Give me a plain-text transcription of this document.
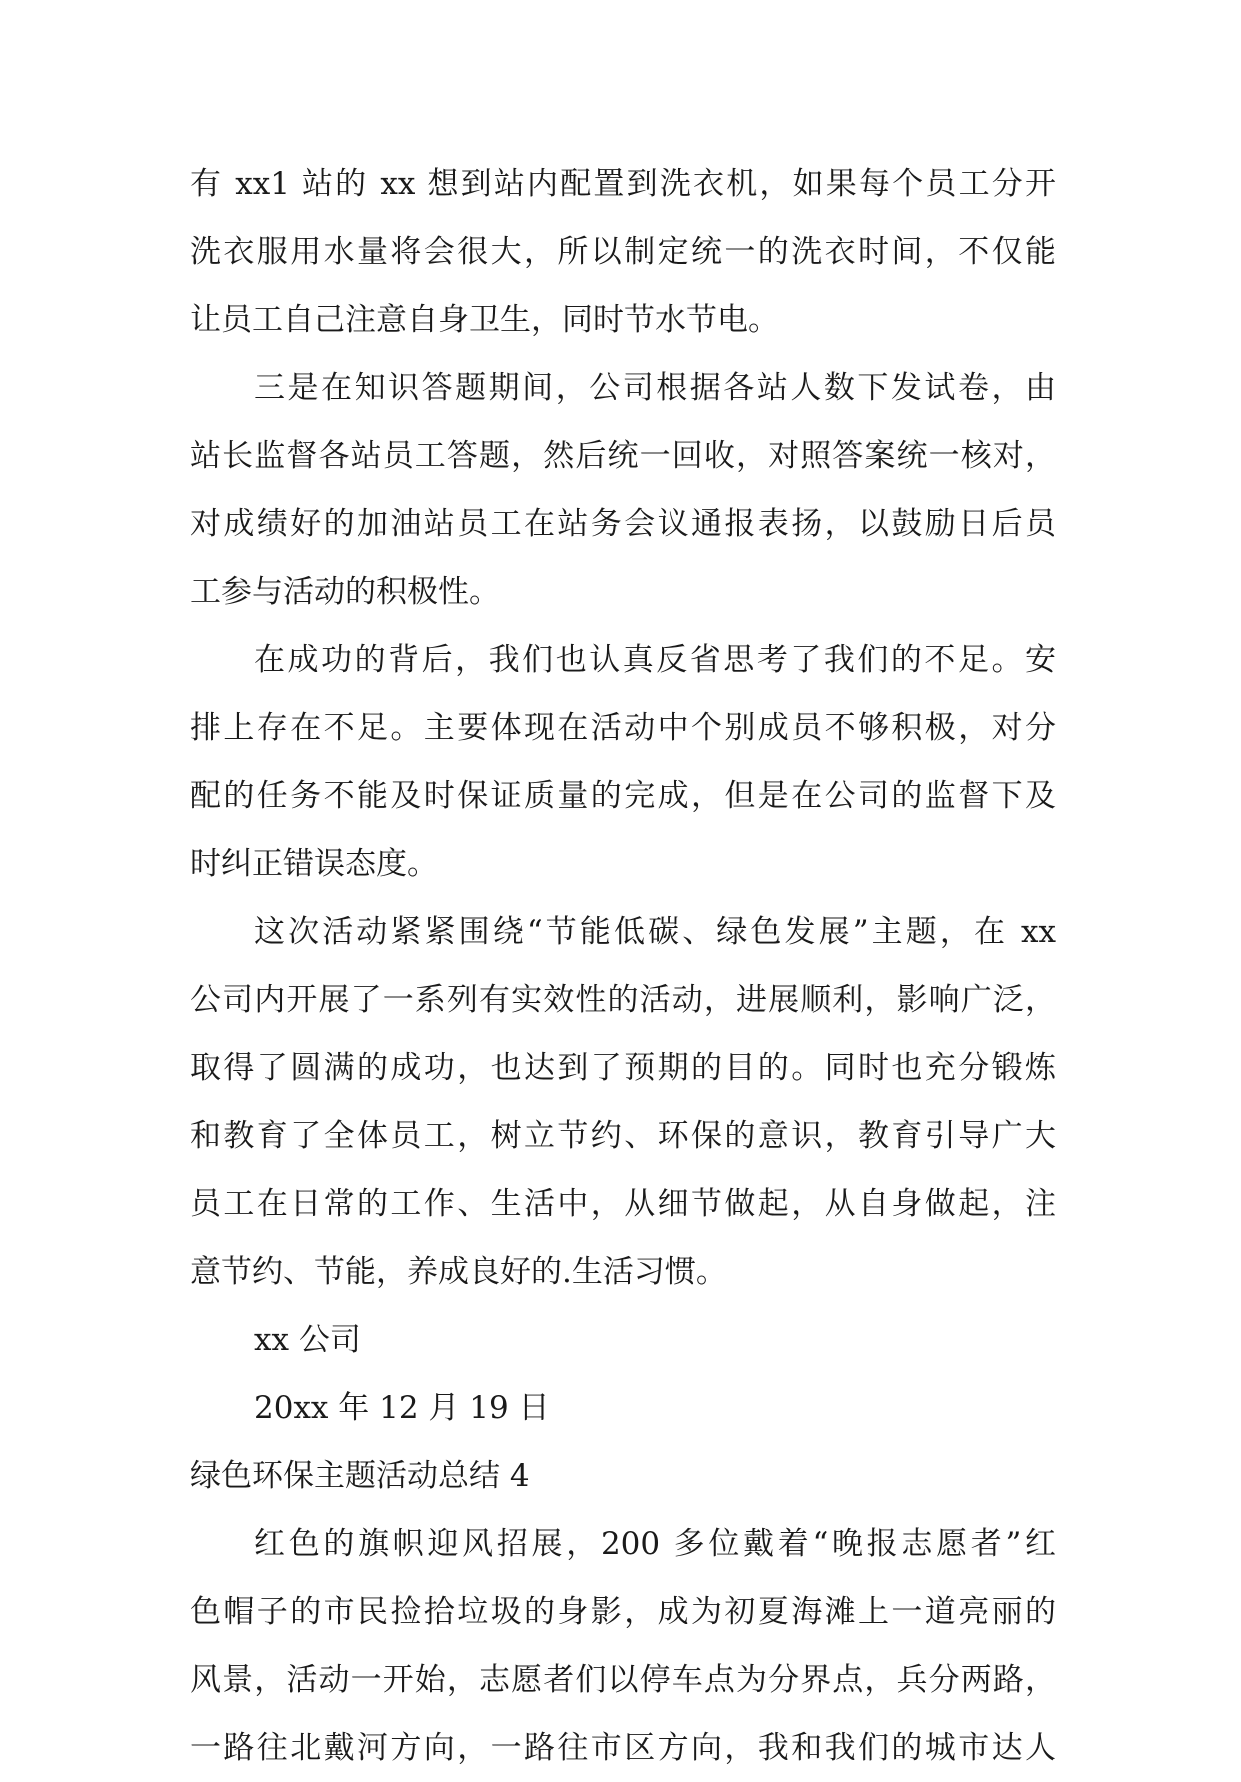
有 xx1 站的 xx 想到站内配置到洗衣机，如果每个员工分开
洗衣服用水量将会很大，所以制定统一的洗衣时间，不仅能
让员工自己注意自身卫生，同时节水节电。
三是在知识答题期间，公司根据各站人数下发试卷，由
站长监督各站员工答题，然后统一回收，对照答案统一核对，
对成绩好的加油站员工在站务会议通报表扬，以鼓励日后员
工参与活动的积极性。
在成功的背后，我们也认真反省思考了我们的不足。安
排上存在不足。主要体现在活动中个别成员不够积极，对分
配的任务不能及时保证质量的完成，但是在公司的监督下及
时纠正错误态度。
这次活动紧紧围绕“节能低碳、绿色发展”主题，在 xx
公司内开展了一系列有实效性的活动，进展顺利，影响广泛，
取得了圆满的成功，也达到了预期的目的。同时也充分锻炼
和教育了全体员工，树立节约、环保的意识，教育引导广大
员工在日常的工作、生活中，从细节做起，从自身做起，注
意节约、节能，养成良好的.生活习惯。
xx 公司
20xx 年 12 月 19 日
绿色环保主题活动总结 4
红色的旗帜迎风招展，200 多位戴着“晚报志愿者”红
色帽子的市民捡拾垃圾的身影，成为初夏海滩上一道亮丽的
风景，活动一开始，志愿者们以停车点为分界点，兵分两路，
一路往北戴河方向，一路往市区方向，我和我们的城市达人
